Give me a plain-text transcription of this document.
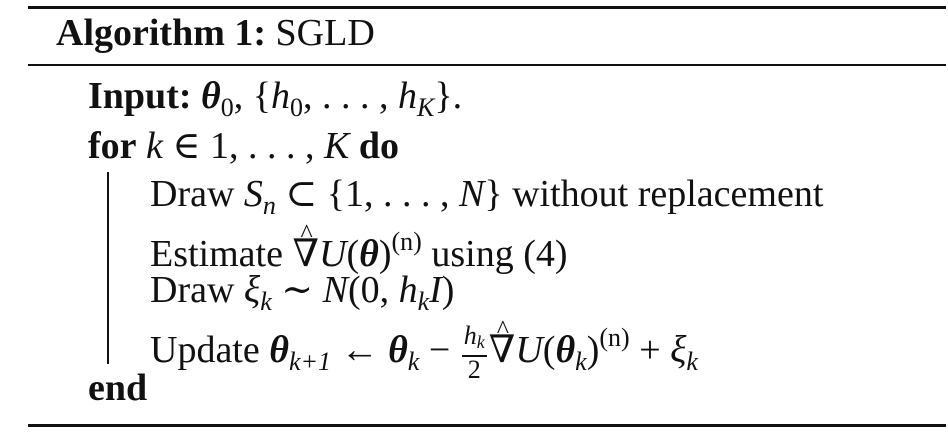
Algorithm 1: SGLD
Input: $\theta_0$, {$h_0$, . . . , $h_K$}.
for k ∈ 1, . . . , K do
Draw $S_n$ ⊂ {1, . . . , N} without replacement
Estimate ^ $\nabla U(\theta)^{(n)}$ using (4)
Draw $\xi_k$ ∼ N(0, $h_kI$)
Update $\theta_{k+1}$ ← $\theta_k - \frac{hk}{2}$
^ $\nabla U(\theta_k)^{(n)} + \xi_k$
end
